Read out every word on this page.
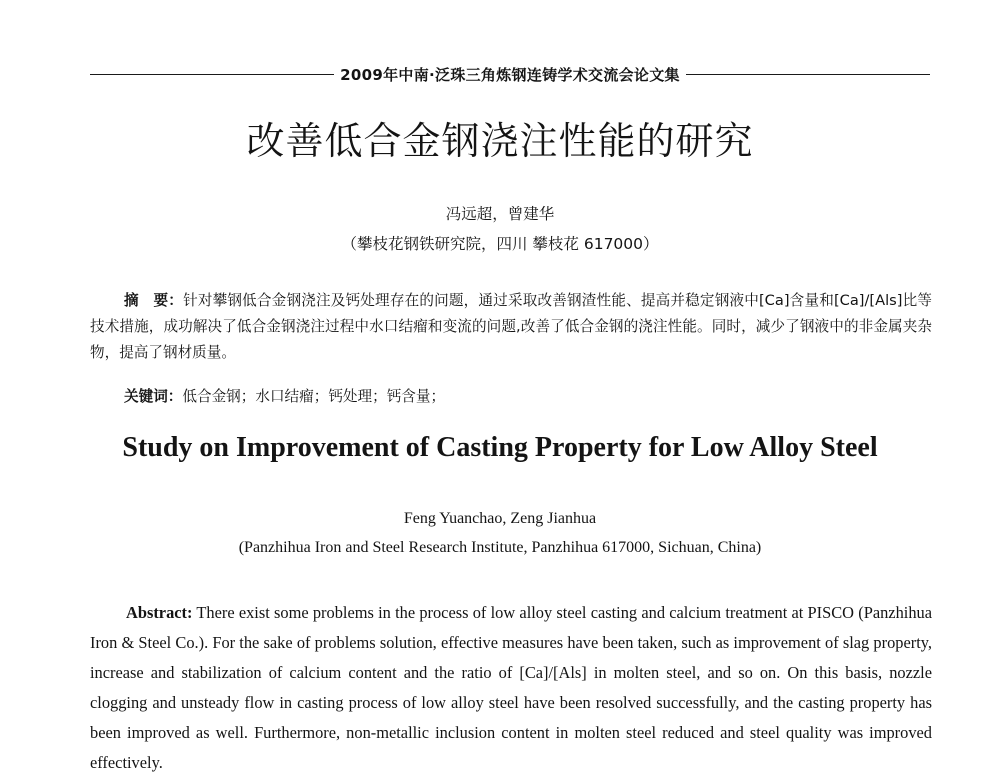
2009年中南·泛珠三角炼钢连铸学术交流会论文集
改善低合金钢浇注性能的研究
冯远超，曾建华
（攀枝花钢铁研究院，四川 攀枝花 617000）
摘　要：针对攀钢低合金钢浇注及钙处理存在的问题，通过采取改善钢渣性能、提高并稳定钢液中[Ca]含量和[Ca]/[Als]比等技术措施，成功解决了低合金钢浇注过程中水口结瘤和变流的问题,改善了低合金钢的浇注性能。同时，减少了钢液中的非金属夹杂物，提高了钢材质量。
关键词：低合金钢；水口结瘤；钙处理；钙含量；
Study on Improvement of Casting Property for Low Alloy Steel
Feng Yuanchao, Zeng Jianhua
(Panzhihua Iron and Steel Research Institute, Panzhihua 617000, Sichuan, China)
Abstract: There exist some problems in the process of low alloy steel casting and calcium treatment at PISCO (Panzhihua Iron & Steel Co.). For the sake of problems solution, effective measures have been taken, such as improvement of slag property, increase and stabilization of calcium content and the ratio of [Ca]/[Als] in molten steel, and so on. On this basis, nozzle clogging and unsteady flow in casting process of low alloy steel have been resolved successfully, and the casting property has been improved as well. Furthermore, non-metallic inclusion content in molten steel reduced and steel quality was improved effectively.
